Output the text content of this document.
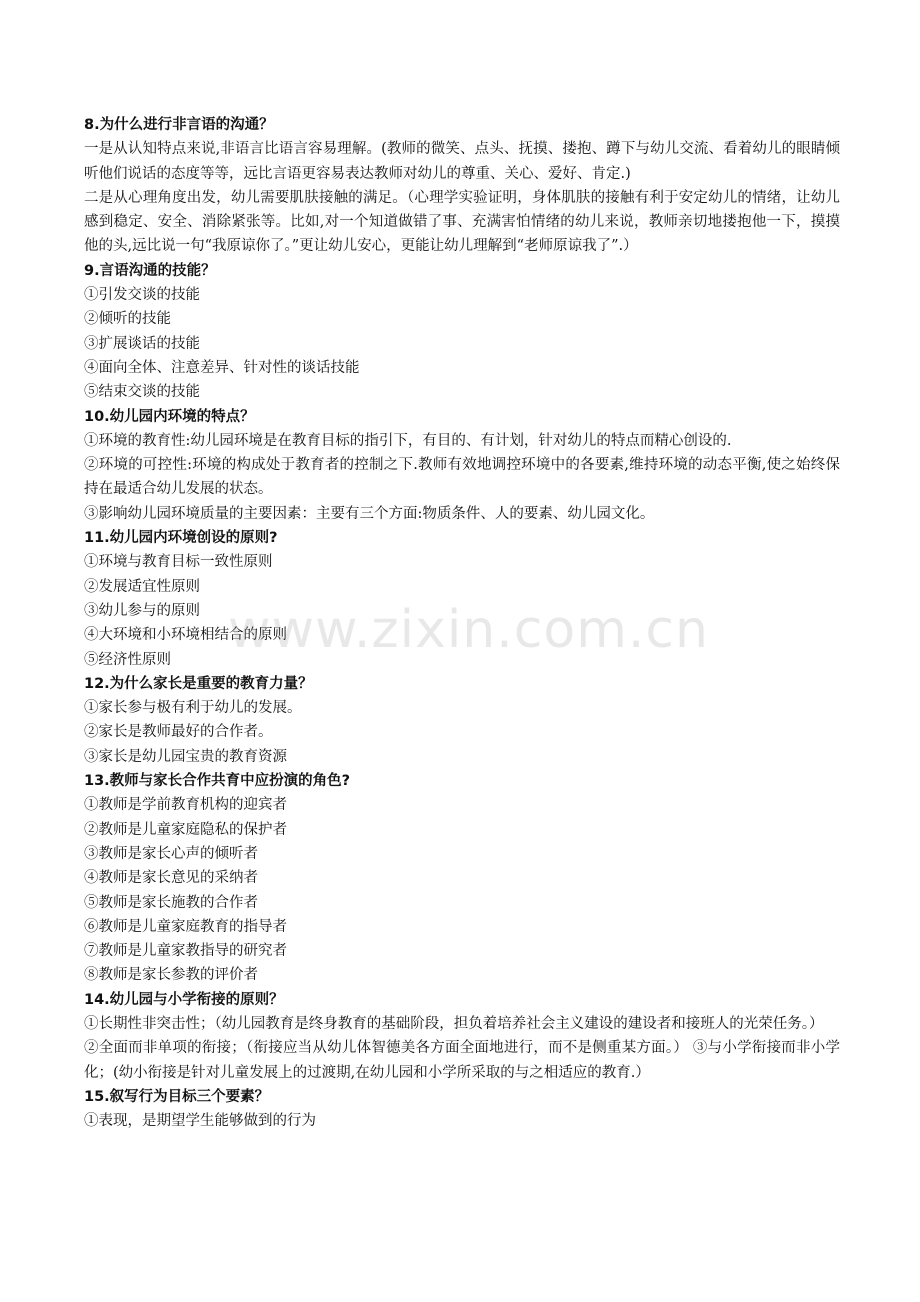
8.为什么进行非言语的沟通？

一是从认知特点来说,非语言比语言容易理解。(教师的微笑、点头、抚摸、搂抱、蹲下与幼儿交流、看着幼儿的眼睛倾听他们说话的态度等等，远比言语更容易表达教师对幼儿的尊重、关心、爱好、肯定.)

二是从心理角度出发，幼儿需要肌肤接触的满足。（心理学实验证明，身体肌肤的接触有利于安定幼儿的情绪，让幼儿感到稳定、安全、消除紧张等。比如,对一个知道做错了事、充满害怕情绪的幼儿来说，教师亲切地搂抱他一下，摸摸他的头,远比说一句“我原谅你了。”更让幼儿安心，更能让幼儿理解到“老师原谅我了”.）

9.言语沟通的技能？

①引发交谈的技能

②倾听的技能

③扩展谈话的技能

④面向全体、注意差异、针对性的谈话技能

⑤结束交谈的技能

10.幼儿园内环境的特点？

①环境的教育性:幼儿园环境是在教育目标的指引下，有目的、有计划，针对幼儿的特点而精心创设的.

②环境的可控性:环境的构成处于教育者的控制之下.教师有效地调控环境中的各要素,维持环境的动态平衡,使之始终保持在最适合幼儿发展的状态。

③影响幼儿园环境质量的主要因素：主要有三个方面:物质条件、人的要素、幼儿园文化。

11.幼儿园内环境创设的原则?

①环境与教育目标一致性原则

②发展适宜性原则

③幼儿参与的原则

④大环境和小环境相结合的原则

⑤经济性原则

12.为什么家长是重要的教育力量？

①家长参与极有利于幼儿的发展。

②家长是教师最好的合作者。

③家长是幼儿园宝贵的教育资源

13.教师与家长合作共育中应扮演的角色?

①教师是学前教育机构的迎宾者

②教师是儿童家庭隐私的保护者

③教师是家长心声的倾听者

④教师是家长意见的采纳者

⑤教师是家长施教的合作者

⑥教师是儿童家庭教育的指导者

⑦教师是儿童家教指导的研究者

⑧教师是家长参教的评价者

14.幼儿园与小学衔接的原则？

①长期性非突击性；（幼儿园教育是终身教育的基础阶段，担负着培养社会主义建设的建设者和接班人的光荣任务。）

②全面而非单项的衔接；（衔接应当从幼儿体智德美各方面全面地进行，而不是侧重某方面。） ③与小学衔接而非小学化；(幼小衔接是针对儿童发展上的过渡期,在幼儿园和小学所采取的与之相适应的教育.）

15.叙写行为目标三个要素？

①表现，是期望学生能够做到的行为

www.zixin.com.cn
